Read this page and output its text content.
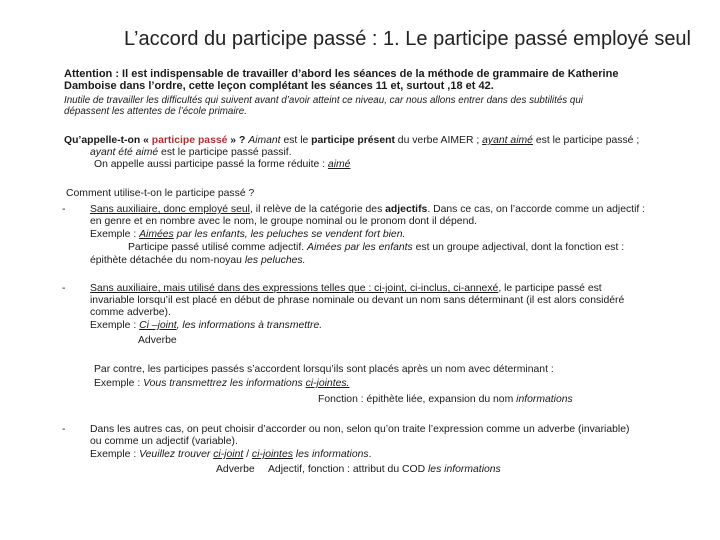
L’accord du participe passé : 1. Le participe passé employé seul
Attention : Il est indispensable de travailler d’abord les séances de la méthode de grammaire de Katherine
Damboise dans l’ordre, cette leçon complétant les séances 11 et, surtout ,18 et 42.
Inutile de travailler les difficultés qui suivent avant d’avoir atteint ce niveau, car nous allons entrer dans des subtilités qui
dépassent les attentes de l’école primaire.
Qu’appelle-t-on « participe passé » ? Aimant est le participe présent du verbe AIMER ; ayant aimé est le participe passé ;
ayant été aimé est le participe passé passif.
On appelle aussi participe passé la forme réduite : aimé
Comment utilise-t-on le participe passé ?
- Sans auxiliaire, donc employé seul, il relève de la catégorie des adjectifs. Dans ce cas, on l’accorde comme un adjectif :
en genre et en nombre avec le nom, le groupe nominal ou le pronom dont il dépend.
Exemple : Aimées par les enfants, les peluches se vendent fort bien.
Participe passé utilisé comme adjectif. Aimées par les enfants est un groupe adjectival, dont la fonction est :
épithète détachée du nom-noyau les peluches.
- Sans auxiliaire, mais utilisé dans des expressions telles que : ci-joint, ci-inclus, ci-annexé, le participe passé est
invariable lorsqu’il est placé en début de phrase nominale ou devant un nom sans déterminant (il est alors considéré
comme adverbe).
Exemple : Ci –joint, les informations à transmettre.
Adverbe
Par contre, les participes passés s’accordent lorsqu’ils sont placés après un nom avec déterminant :
Exemple : Vous transmettrez les informations ci-jointes.
Fonction : épithète liée, expansion du nom informations
- Dans les autres cas, on peut choisir d’accorder ou non, selon qu’on traite l’expression comme un adverbe (invariable)
ou comme un adjectif (variable).
Exemple : Veuillez trouver ci-joint / ci-jointes les informations.
Adverbe Adjectif, fonction : attribut du COD les informations
